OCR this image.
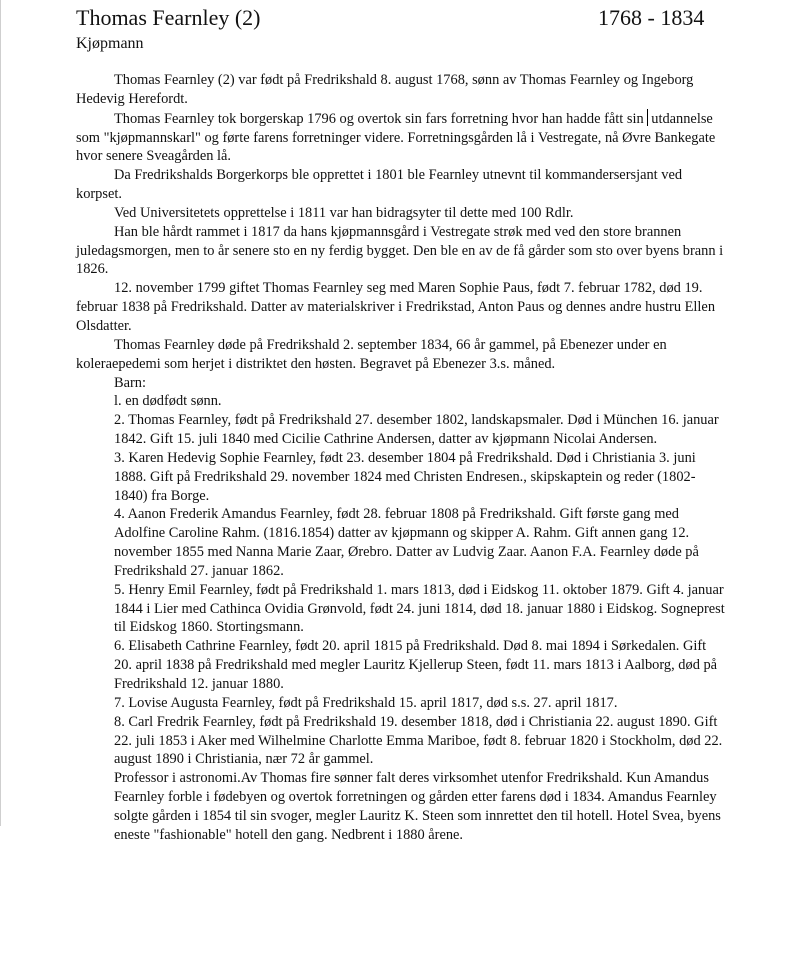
Thomas Fearnley (2)	1768 - 1834
Kjøpmann

Thomas Fearnley (2) var født på Fredrikshald 8. august 1768, sønn av Thomas Fearnley og Ingeborg Hedevig Herefordt.

Thomas Fearnley tok borgerskap 1796 og overtok sin fars forretning hvor han hadde fått sin utdannelse som "kjøpmannskarl" og førte farens forretninger videre. Forretningsgården lå i Vestregate, nå Øvre Bankegate hvor senere Sveagården lå.

Da Fredrikshalds Borgerkorps ble opprettet i 1801 ble Fearnley utnevnt til kommandersersjant ved korpset.

Ved Universitetets opprettelse i 1811 var han bidragsyter til dette med 100 Rdlr.

Han ble hårdt rammet i 1817 da hans kjøpmannsgård i Vestregate strøk med ved den store brannen juledagsmorgen, men to år senere sto en ny ferdig bygget. Den ble en av de få gårder som sto over byens brann i 1826.

12. november 1799 giftet Thomas Fearnley seg med Maren Sophie Paus, født 7. februar 1782, død 19. februar 1838 på Fredrikshald. Datter av materialskriver i Fredrikstad, Anton Paus og dennes andre hustru Ellen Olsdatter.

Thomas Fearnley døde på Fredrikshald 2. september 1834, 66 år gammel, på Ebenezer under en koleraepedemi som herjet i distriktet den høsten. Begravet på Ebenezer 3.s. måned.

Barn:

l. en dødfødt sønn.

2. Thomas Fearnley, født på Fredrikshald 27. desember 1802, landskapsmaler. Død i München 16. januar 1842. Gift 15. juli 1840 med Cicilie Cathrine Andersen, datter av kjøpmann Nicolai Andersen.

3. Karen Hedevig Sophie Fearnley, født 23. desember 1804 på Fredrikshald. Død i Christiania 3. juni 1888. Gift på Fredrikshald 29. november 1824 med Christen Endresen., skipskaptein og reder (1802-1840) fra Borge.

4. Aanon Frederik Amandus Fearnley, født 28. februar 1808 på Fredrikshald. Gift første gang med Adolfine Caroline Rahm. (1816.1854) datter av kjøpmann og skipper A. Rahm. Gift annen gang 12. november 1855 med Nanna Marie Zaar, Ørebro. Datter av Ludvig Zaar. Aanon F.A. Fearnley døde på Fredrikshald 27. januar 1862.

5. Henry Emil Fearnley, født på Fredrikshald 1. mars 1813, død i Eidskog 11. oktober 1879. Gift 4. januar 1844 i Lier med Cathinca Ovidia Grønvold, født 24. juni 1814, død 18. januar 1880 i Eidskog. Sogneprest til Eidskog 1860. Stortingsmann.

6. Elisabeth Cathrine Fearnley, født 20. april 1815 på Fredrikshald. Død 8. mai 1894 i Sørkedalen. Gift 20. april 1838 på Fredrikshald med megler Lauritz Kjellerup Steen, født 11. mars 1813 i Aalborg, død på Fredrikshald 12. januar 1880.

7. Lovise Augusta Fearnley, født på Fredrikshald 15. april 1817, død s.s. 27. april 1817.

8. Carl Fredrik Fearnley, født på Fredrikshald 19. desember 1818, død i Christiania 22. august 1890. Gift 22. juli 1853 i Aker med Wilhelmine Charlotte Emma Mariboe, født 8. februar 1820 i Stockholm, død 22. august 1890 i Christiania, nær 72 år gammel.

Professor i astronomi.Av Thomas fire sønner falt deres virksomhet utenfor Fredrikshald. Kun Amandus Fearnley forble i fødebyen og overtok forretningen og gården etter farens død i 1834. Amandus Fearnley solgte gården i 1854 til sin svoger, megler Lauritz K. Steen som innrettet den til hotell. Hotel Svea, byens eneste "fashionable" hotell den gang. Nedbrent i 1880 årene.
